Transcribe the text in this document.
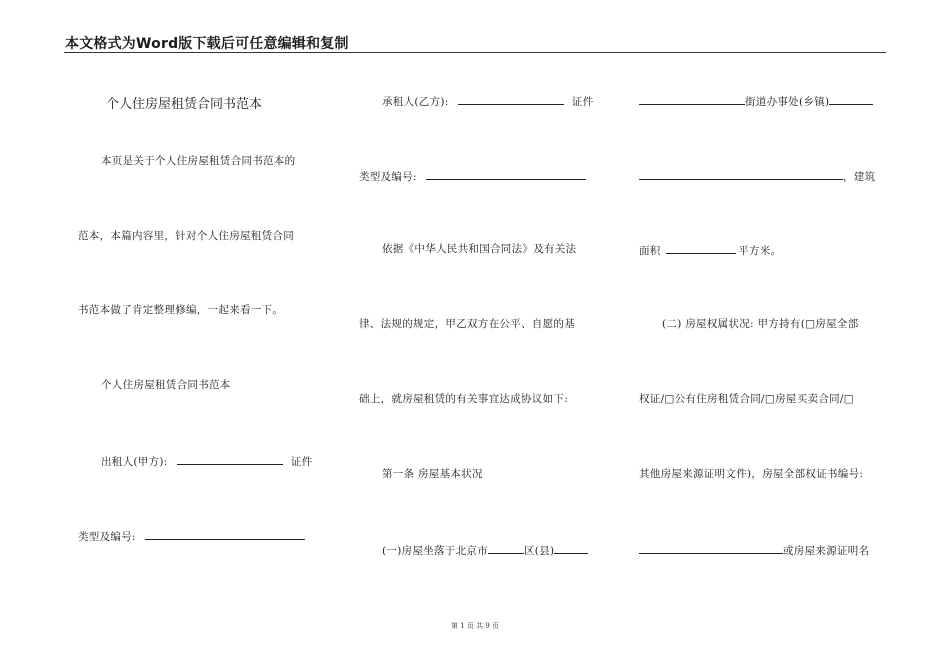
本文格式为Word版下载后可任意编辑和复制
个人住房屋租赁合同书范本
本页是关于个人住房屋租赁合同书范本的
范本，本篇内容里，针对个人住房屋租赁合同
书范本做了肯定整理修编，一起来看一下。
个人住房屋租赁合同书范本
出租人(甲方):	证件
类型及编号:
承租人(乙方):	证件
类型及编号:
依据《中华人民共和国合同法》及有关法
律、法规的规定，甲乙双方在公平、自愿的基
础上，就房屋租赁的有关事宜达成协议如下:
第一条 房屋基本状况
(一)房屋坐落于北京市	区(县)
街道办事处(乡镇)
，建筑
面积	平方米。
(二) 房屋权属状况: 甲方持有(□房屋全部
权证/□公有住房租赁合同/□房屋买卖合同/□
其他房屋来源证明文件)，房屋全部权证书编号:
或房屋来源证明名
第 1 页 共 9 页
